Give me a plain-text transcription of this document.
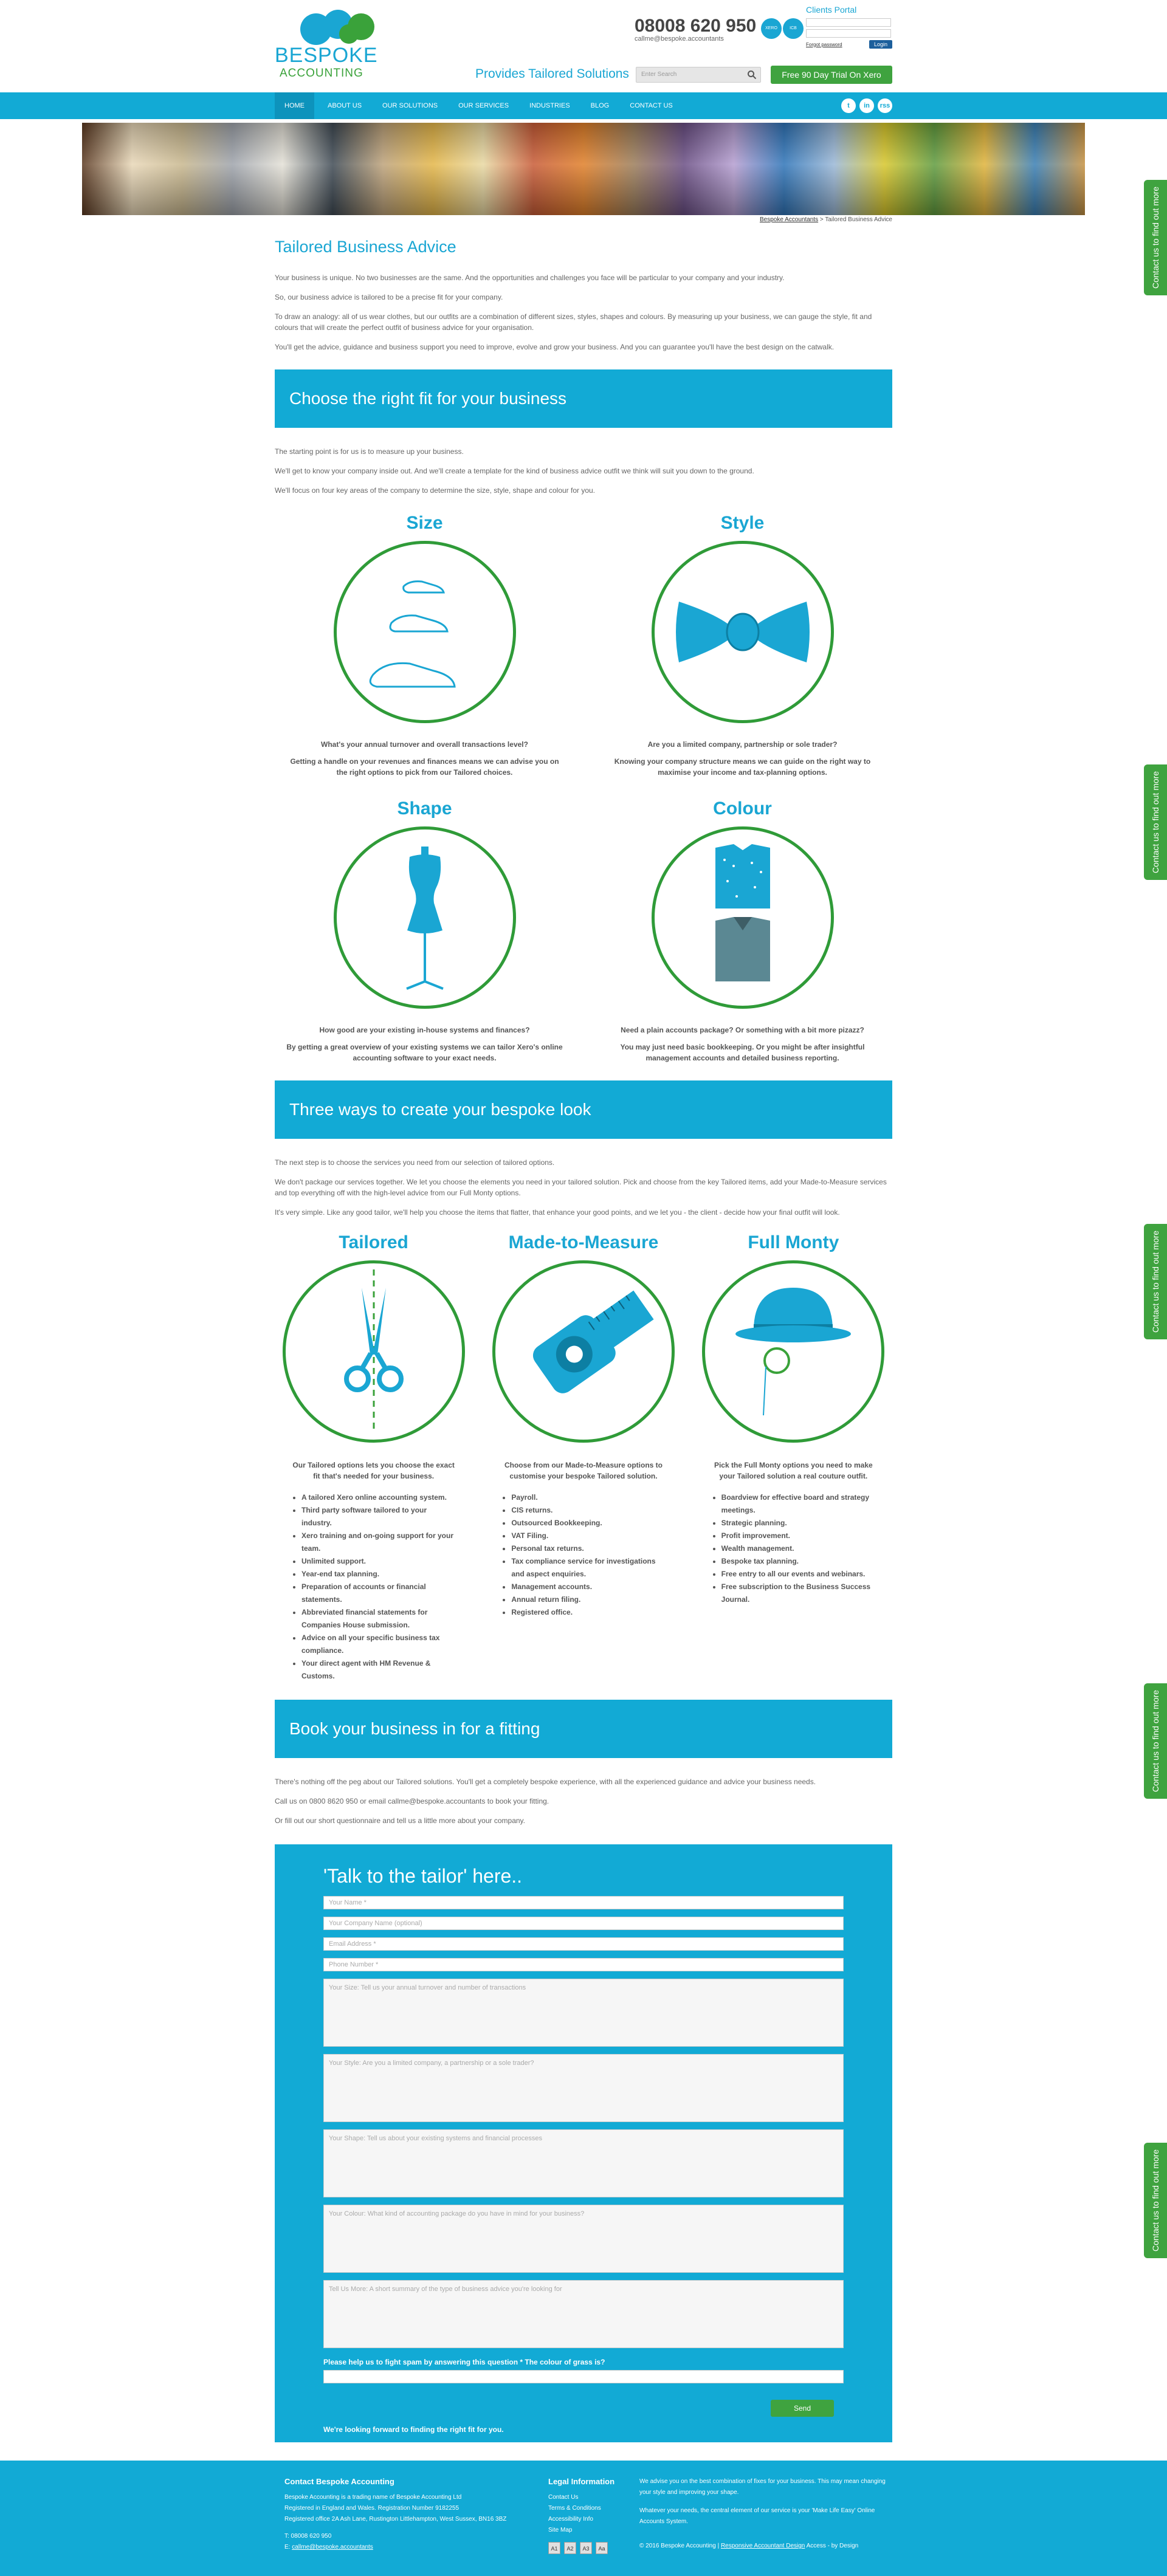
BESPOKE
ACCOUNTING
08008 620 950
callme@bespoke.accountants
XERO	ICB
Clients Portal
Forgot password	Login
Provides Tailored Solutions	Enter Search	Free 90 Day Trial On Xero
HOME	ABOUT US	OUR SOLUTIONS	OUR SERVICES	INDUSTRIES	BLOG	CONTACT US	t	in	rss
Bespoke Accountants > Tailored Business Advice
Tailored Business Advice

Your business is unique. No two businesses are the same. And the opportunities and challenges you face will be particular to your company and your industry.

So, our business advice is tailored to be a precise fit for your company.

To draw an analogy: all of us wear clothes, but our outfits are a combination of different sizes, styles, shapes and colours. By measuring up your business, we can gauge the style, fit and colours that will create the perfect outfit of business advice for your organisation.

You'll get the advice, guidance and business support you need to improve, evolve and grow your business. And you can guarantee you'll have the best design on the catwalk.

Choose the right fit for your business

The starting point is for us is to measure up your business.

We'll get to know your company inside out. And we'll create a template for the kind of business advice outfit we think will suit you down to the ground.

We'll focus on four key areas of the company to determine the size, style, shape and colour for you.

Size
What's your annual turnover and overall transactions level?
Getting a handle on your revenues and finances means we can advise you on the right options to pick from our Tailored choices.
Style
Are you a limited company, partnership or sole trader?
Knowing your company structure means we can guide on the right way to maximise your income and tax-planning options.
Shape
How good are your existing in-house systems and finances?
By getting a great overview of your existing systems we can tailor Xero's online accounting software to your exact needs.
Colour
Need a plain accounts package? Or something with a bit more pizazz?
You may just need basic bookkeeping. Or you might be after insightful management accounts and detailed business reporting.
Three ways to create your bespoke look

The next step is to choose the services you need from our selection of tailored options.

We don't package our services together. We let you choose the elements you need in your tailored solution. Pick and choose from the key Tailored items, add your Made-to-Measure services and top everything off with the high-level advice from our Full Monty options.

It's very simple. Like any good tailor, we'll help you choose the items that flatter, that enhance your good points, and we let you - the client - decide how your final outfit will look.

Tailored
Our Tailored options lets you choose the exact fit that's needed for your business.
• A tailored Xero online accounting system.
• Third party software tailored to your industry.
• Xero training and on-going support for your team.
• Unlimited support.
• Year-end tax planning.
• Preparation of accounts or financial statements.
• Abbreviated financial statements for Companies House submission.
• Advice on all your specific business tax compliance.
• Your direct agent with HM Revenue & Customs.
Made-to-Measure
Choose from our Made-to-Measure options to customise your bespoke Tailored solution.
• Payroll.
• CIS returns.
• Outsourced Bookkeeping.
• VAT Filing.
• Personal tax returns.
• Tax compliance service for investigations and aspect enquiries.
• Management accounts.
• Annual return filing.
• Registered office.
Full Monty
Pick the Full Monty options you need to make your Tailored solution a real couture outfit.
• Boardview for effective board and strategy meetings.
• Strategic planning.
• Profit improvement.
• Wealth management.
• Bespoke tax planning.
• Free entry to all our events and webinars.
• Free subscription to the Business Success Journal.
Book your business in for a fitting

There's nothing off the peg about our Tailored solutions. You'll get a completely bespoke experience, with all the experienced guidance and advice your business needs.

Call us on 0800 8620 950 or email callme@bespoke.accountants to book your fitting.

Or fill out our short questionnaire and tell us a little more about your company.

'Talk to the tailor' here..
Your Name *
Your Company Name (optional)
Email Address *
Phone Number *
Your Size: Tell us your annual turnover and number of transactions
Your Style: Are you a limited company, a partnership or a sole trader?
Your Shape: Tell us about your existing systems and financial processes
Your Colour: What kind of accounting package do you have in mind for your business?
Tell Us More: A short summary of the type of business advice you're looking for
Please help us to fight spam by answering this question * The colour of grass is?
Send
We're looking forward to finding the right fit for you.
Contact Bespoke Accounting
Bespoke Accounting is a trading name of Bespoke Accounting Ltd
Registered in England and Wales. Registration Number 9182255
Registered office 2A Ash Lane, Rustington Littlehampton, West Sussex, BN16 3BZ
T: 08008 620 950
E: callme@bespoke.accountants
Legal Information
Contact Us
Terms & Conditions
Accessibility Info
Site Map
A1	A2	A3	Aa
We advise you on the best combination of fixes for your business. This may mean changing your style and improving your shape.
Whatever your needs, the central element of our service is your 'Make Life Easy' Online Accounts System.
© 2016 Bespoke Accounting | Responsive Accountant Design Access - by Design
Contact us to find out more
Contact us to find out more
Contact us to find out more
Contact us to find out more
Contact us to find out more
